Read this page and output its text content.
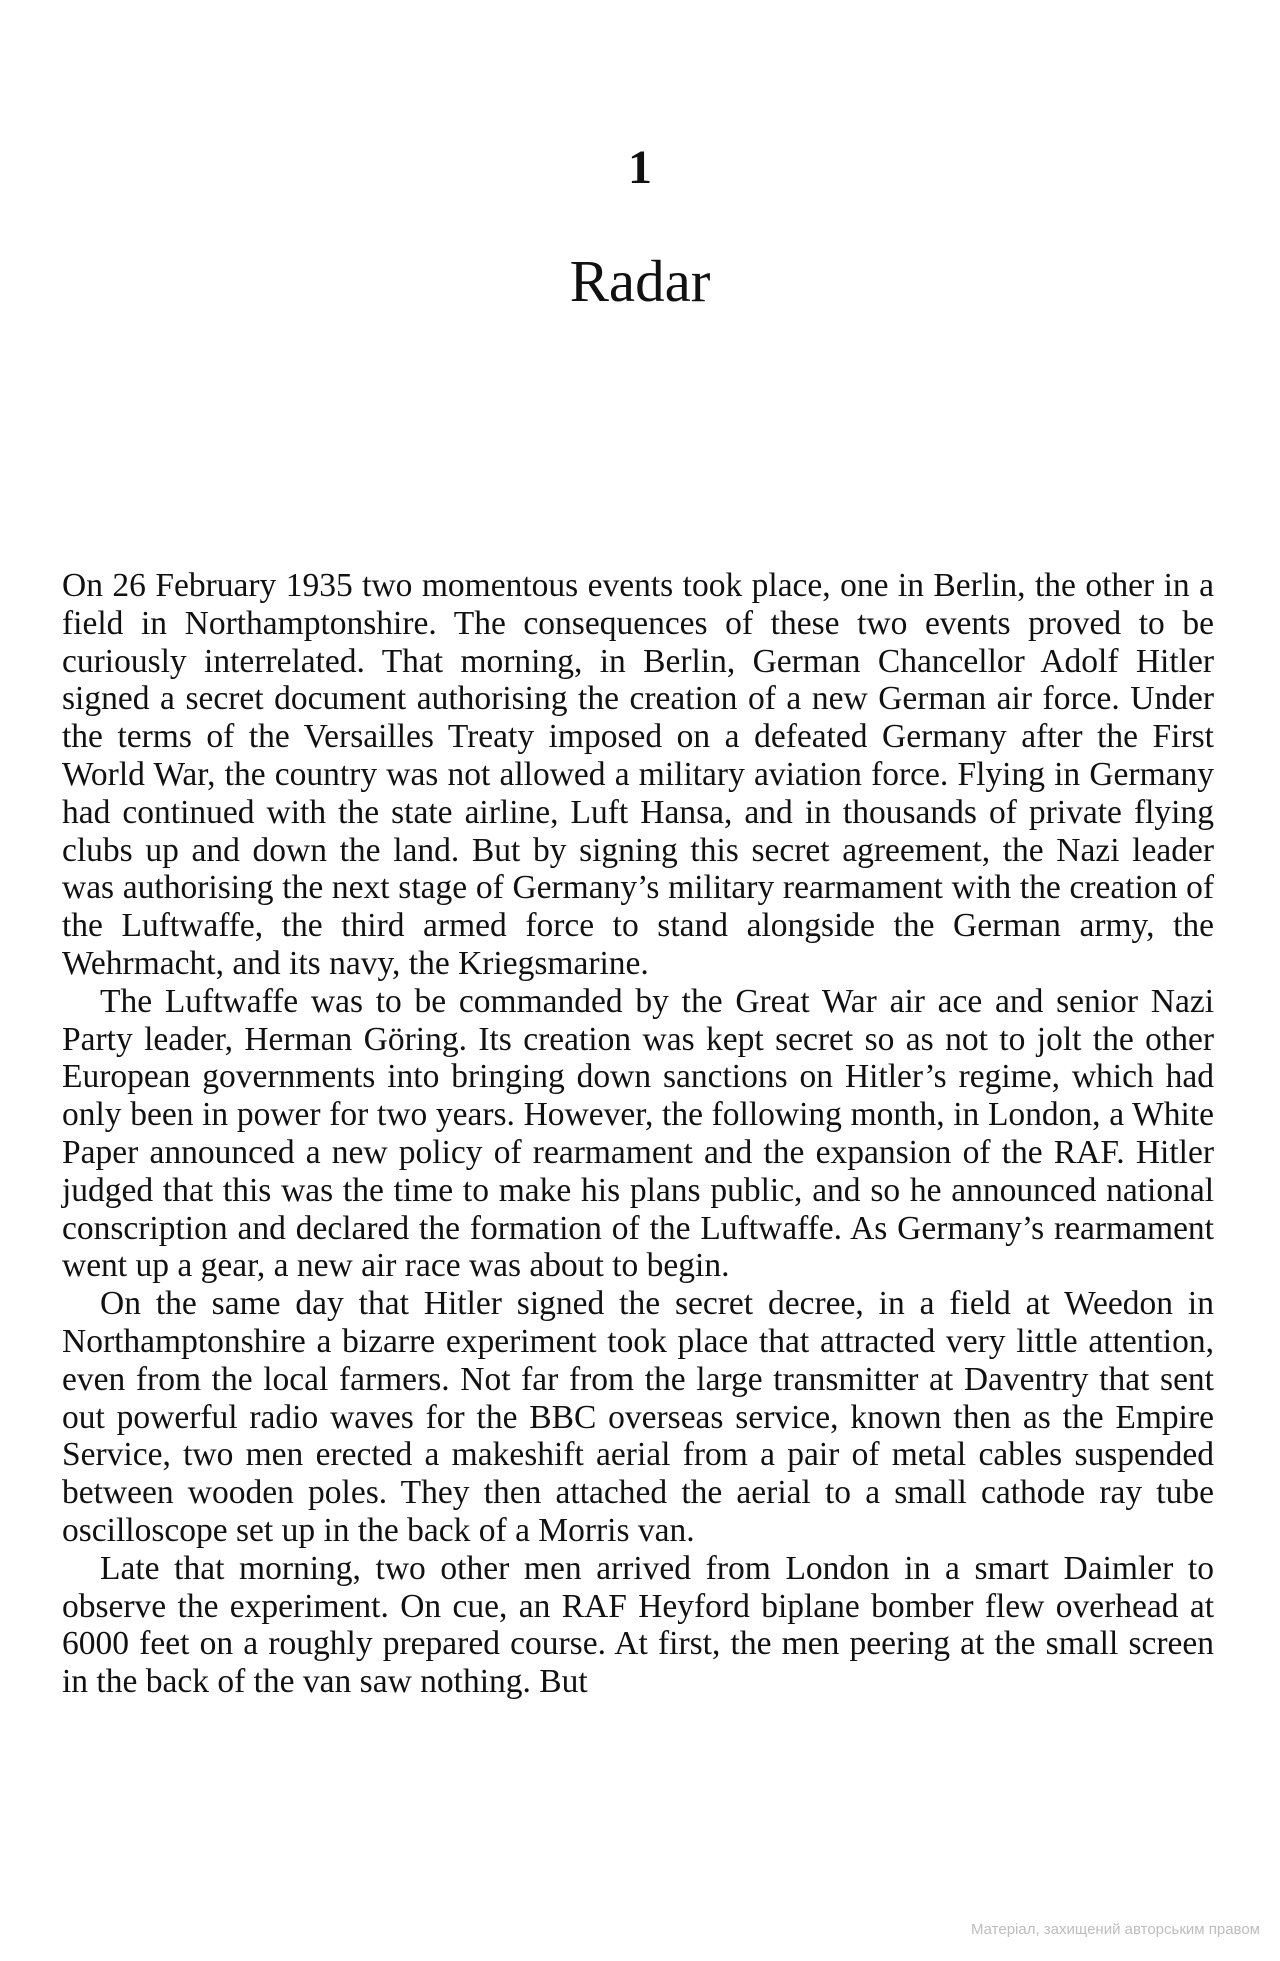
1
Radar

On 26 February 1935 two momentous events took place, one in Berlin, the other in a field in Northamptonshire. The consequences of these two events proved to be curiously interrelated. That morning, in Berlin, German Chancellor Adolf Hitler signed a secret document authorising the creation of a new German air force. Under the terms of the Versailles Treaty imposed on a defeated Germany after the First World War, the country was not allowed a military aviation force. Flying in Germany had continued with the state airline, Luft Hansa, and in thousands of private flying clubs up and down the land. But by signing this secret agreement, the Nazi leader was authorising the next stage of Germany’s military rearmament with the creation of the Luftwaffe, the third armed force to stand alongside the German army, the Wehrmacht, and its navy, the Kriegsmarine.

The Luftwaffe was to be commanded by the Great War air ace and senior Nazi Party leader, Herman Göring. Its creation was kept secret so as not to jolt the other European governments into bringing down sanctions on Hitler’s regime, which had only been in power for two years. However, the following month, in London, a White Paper announced a new policy of rearmament and the expansion of the RAF. Hitler judged that this was the time to make his plans public, and so he announced national conscription and declared the formation of the Luftwaffe. As Germany’s rearmament went up a gear, a new air race was about to begin.

On the same day that Hitler signed the secret decree, in a field at Weedon in Northamptonshire a bizarre experiment took place that attracted very little attention, even from the local farmers. Not far from the large transmitter at Daventry that sent out powerful radio waves for the BBC overseas service, known then as the Empire Service, two men erected a makeshift aerial from a pair of metal cables suspended between wooden poles. They then attached the aerial to a small cathode ray tube oscilloscope set up in the back of a Morris van.

Late that morning, two other men arrived from London in a smart Daimler to observe the experiment. On cue, an RAF Heyford biplane bomber flew overhead at 6000 feet on a roughly prepared course. At first, the men peering at the small screen in the back of the van saw nothing. But

Матеріал, захищений авторським правом
